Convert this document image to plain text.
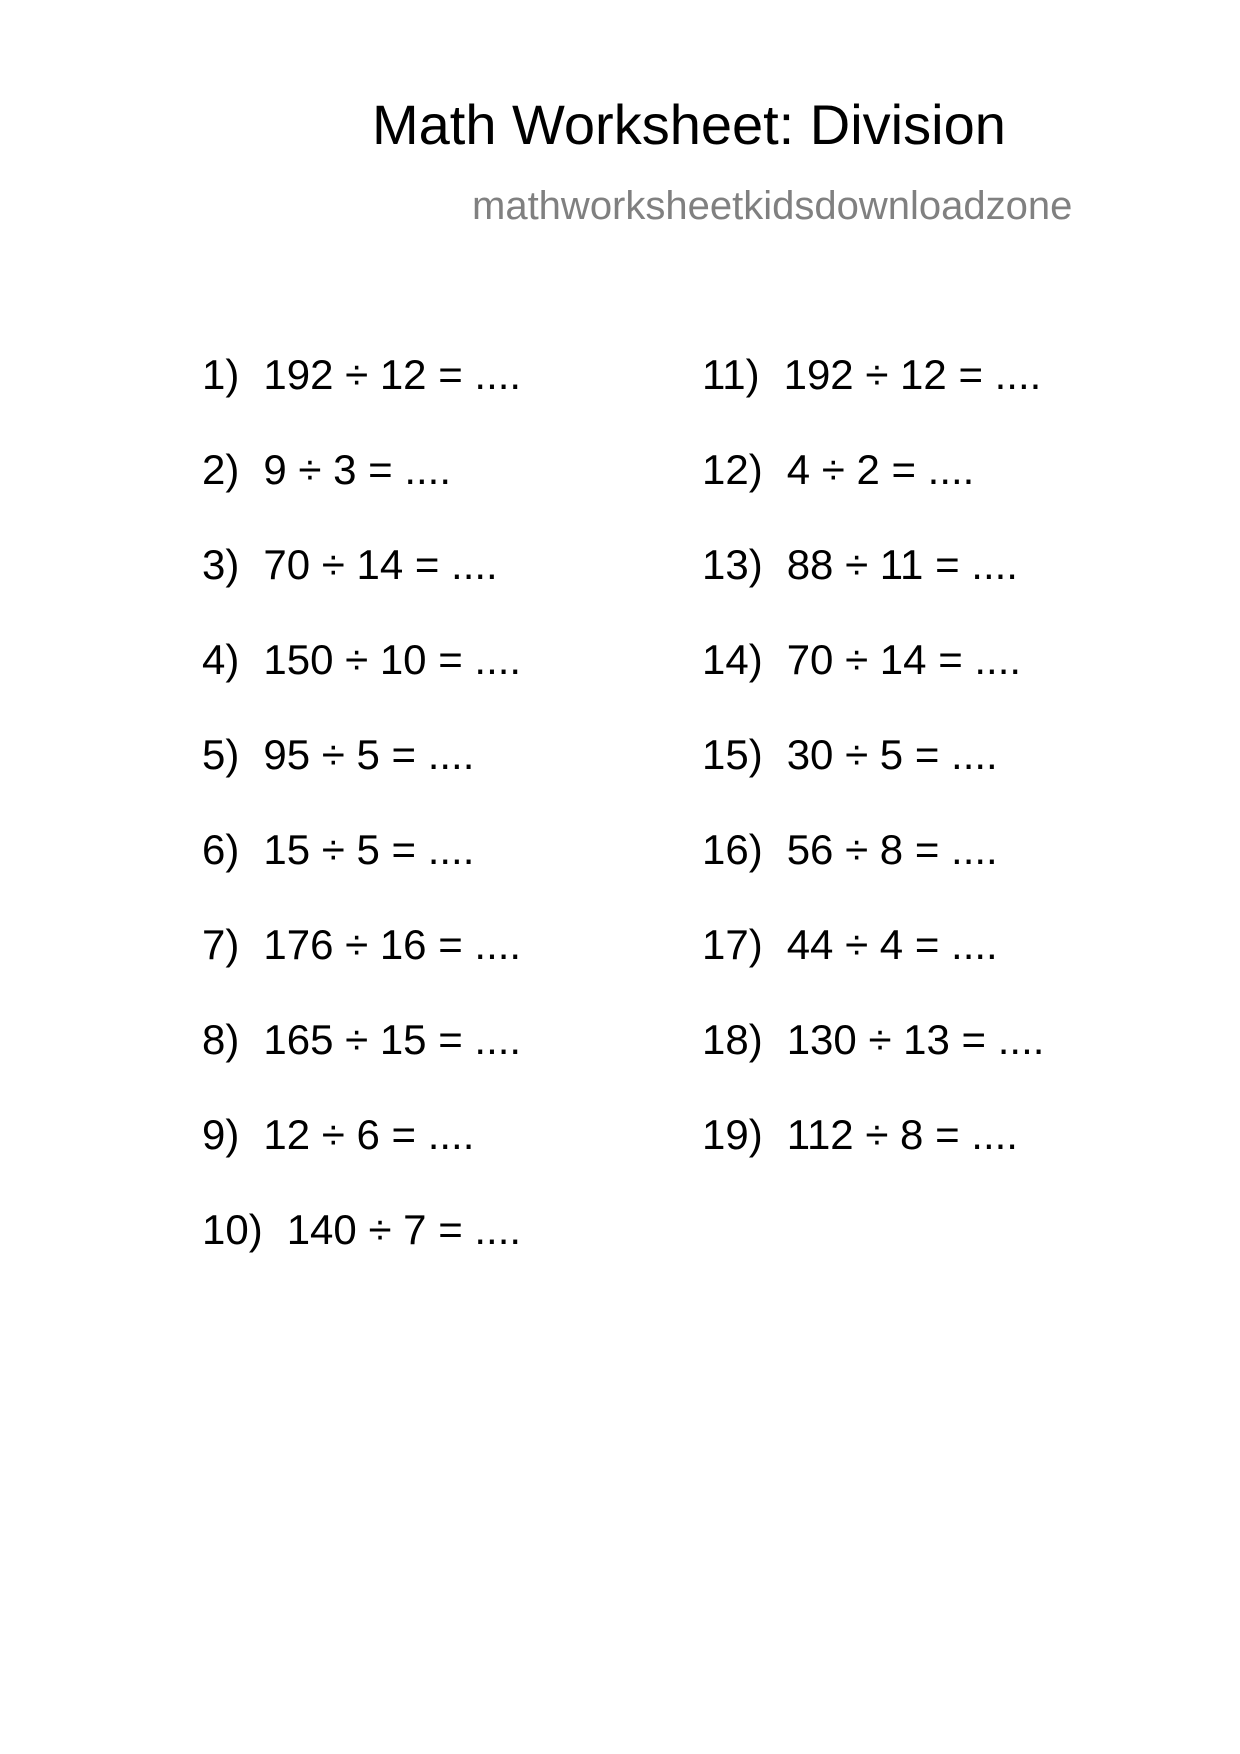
Math Worksheet: Division
mathworksheetkidsdownloadzone
1) 192 ÷ 12 = ....
2) 9 ÷ 3 = ....
3) 70 ÷ 14 = ....
4) 150 ÷ 10 = ....
5) 95 ÷ 5 = ....
6) 15 ÷ 5 = ....
7) 176 ÷ 16 = ....
8) 165 ÷ 15 = ....
9) 12 ÷ 6 = ....
10) 140 ÷ 7 = ....
11) 192 ÷ 12 = ....
12) 4 ÷ 2 = ....
13) 88 ÷ 11 = ....
14) 70 ÷ 14 = ....
15) 30 ÷ 5 = ....
16) 56 ÷ 8 = ....
17) 44 ÷ 4 = ....
18) 130 ÷ 13 = ....
19) 112 ÷ 8 = ....
